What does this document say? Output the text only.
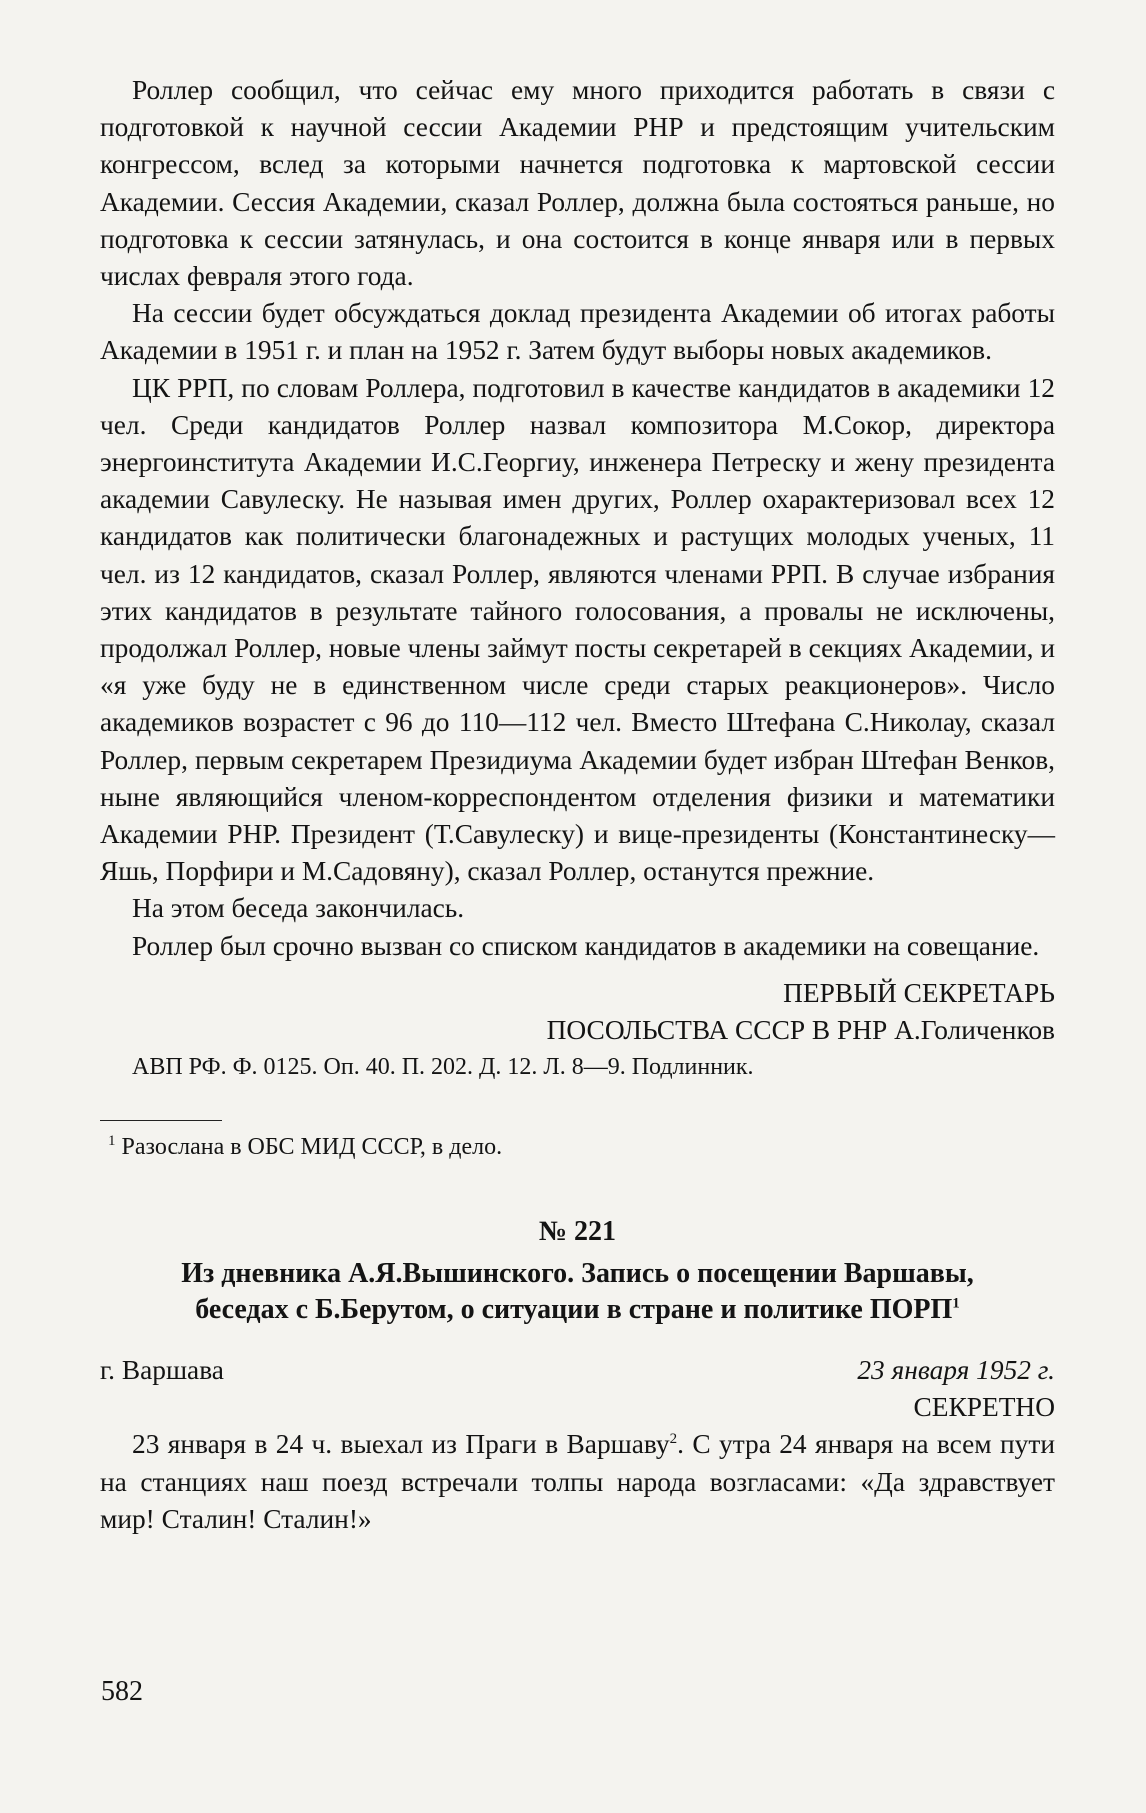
Роллер сообщил, что сейчас ему много приходится работать в связи с подготовкой к научной сессии Академии РНР и предстоящим учительским конгрессом, вслед за которыми начнется подготовка к мартовской сессии Академии. Сессия Академии, сказал Роллер, должна была состояться раньше, но подготовка к сессии затянулась, и она состоится в конце января или в первых числах февраля этого года.

На сессии будет обсуждаться доклад президента Академии об итогах работы Академии в 1951 г. и план на 1952 г. Затем будут выборы новых академиков.

ЦК РРП, по словам Роллера, подготовил в качестве кандидатов в академики 12 чел. Среди кандидатов Роллер назвал композитора М.Сокор, директора энергоинститута Академии И.С.Георгиу, инженера Петреску и жену президента академии Савулеску. Не называя имен других, Роллер охарактеризовал всех 12 кандидатов как политически благонадежных и растущих молодых ученых, 11 чел. из 12 кандидатов, сказал Роллер, являются членами РРП. В случае избрания этих кандидатов в результате тайного голосования, а провалы не исключены, продолжал Роллер, новые члены займут посты секретарей в секциях Академии, и «я уже буду не в единственном числе среди старых реакционеров». Число академиков возрастет с 96 до 110—112 чел. Вместо Штефана С.Николау, сказал Роллер, первым секретарем Президиума Академии будет избран Штефан Венков, ныне являющийся членом-корреспондентом отделения физики и математики Академии РНР. Президент (Т.Савулеску) и вице-президенты (Константинеску—Яшь, Порфири и М.Садовяну), сказал Роллер, останутся прежние.

На этом беседа закончилась.

Роллер был срочно вызван со списком кандидатов в академики на совещание.

ПЕРВЫЙ СЕКРЕТАРЬ
ПОСОЛЬСТВА СССР В РНР А.Голиченков

АВП РФ. Ф. 0125. Оп. 40. П. 202. Д. 12. Л. 8—9. Подлинник.

$^1$ Разослана в ОБС МИД СССР, в дело.
№ 221
Из дневника А.Я.Вышинского. Запись о посещении Варшавы,
беседах с Б.Берутом, о ситуации в стране и политике ПОРП$^1$
г. Варшава	23 января 1952 г.
СЕКРЕТНО

23 января в 24 ч. выехал из Праги в Варшаву$^2$. С утра 24 января на всем пути на станциях наш поезд встречали толпы народа возгласами: «Да здравствует мир! Сталин! Сталин!»

582
